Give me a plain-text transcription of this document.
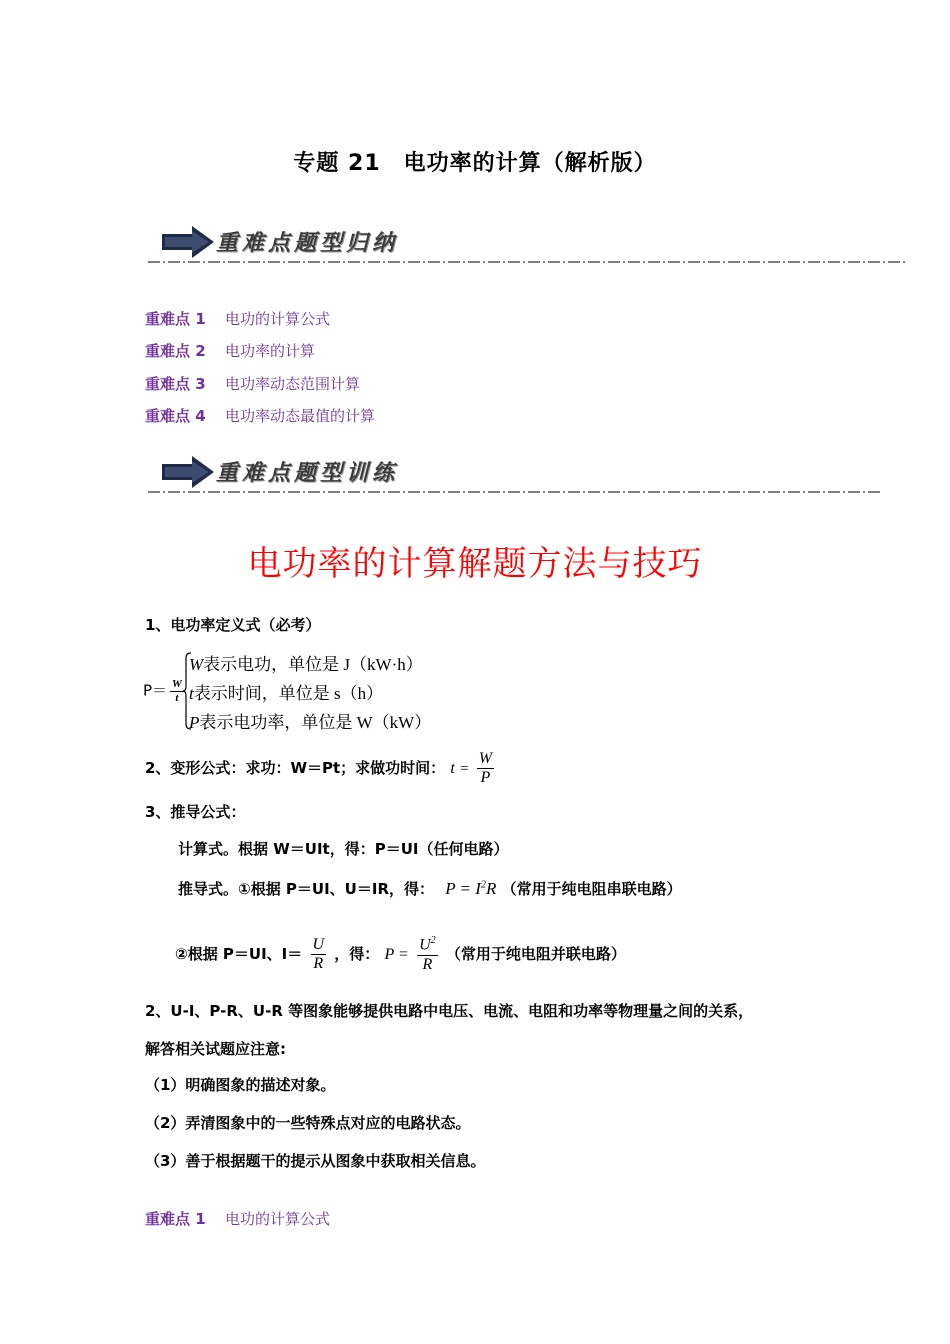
专题 21　电功率的计算（解析版）
重难点题型归纳
重难点 1 电功的计算公式
重难点 2 电功率的计算
重难点 3 电功率动态范围计算
重难点 4 电功率动态最值的计算
重难点题型训练
电功率的计算解题方法与技巧
1、电功率定义式（必考）
$P= \frac{W}{t}$
W表示电功，单位是 J（kW·h）
t表示时间，单位是 s（h）
P表示电功率，单位是 W（kW）
2、变形公式：求功：W＝Pt；求做功时间： $t = \frac{W}{P}$
3、推导公式：
计算式。根据 W＝UIt，得：P＝UI（任何电路）
推导式。①根据 P＝UI、U＝IR，得： $P = I^2R$ （常用于纯电阻串联电路）
②根据 P＝UI、$I= \frac{U}{R}$ ，得： $P = \frac{U^2}{R}$ （常用于纯电阻并联电路）
2、U-I、P-R、U-R 等图象能够提供电路中电压、电流、电阻和功率等物理量之间的关系，
解答相关试题应注意:
（1）明确图象的描述对象。
（2）弄清图象中的一些特殊点对应的电路状态。
（3）善于根据题干的提示从图象中获取相关信息。
重难点 1 电功的计算公式
